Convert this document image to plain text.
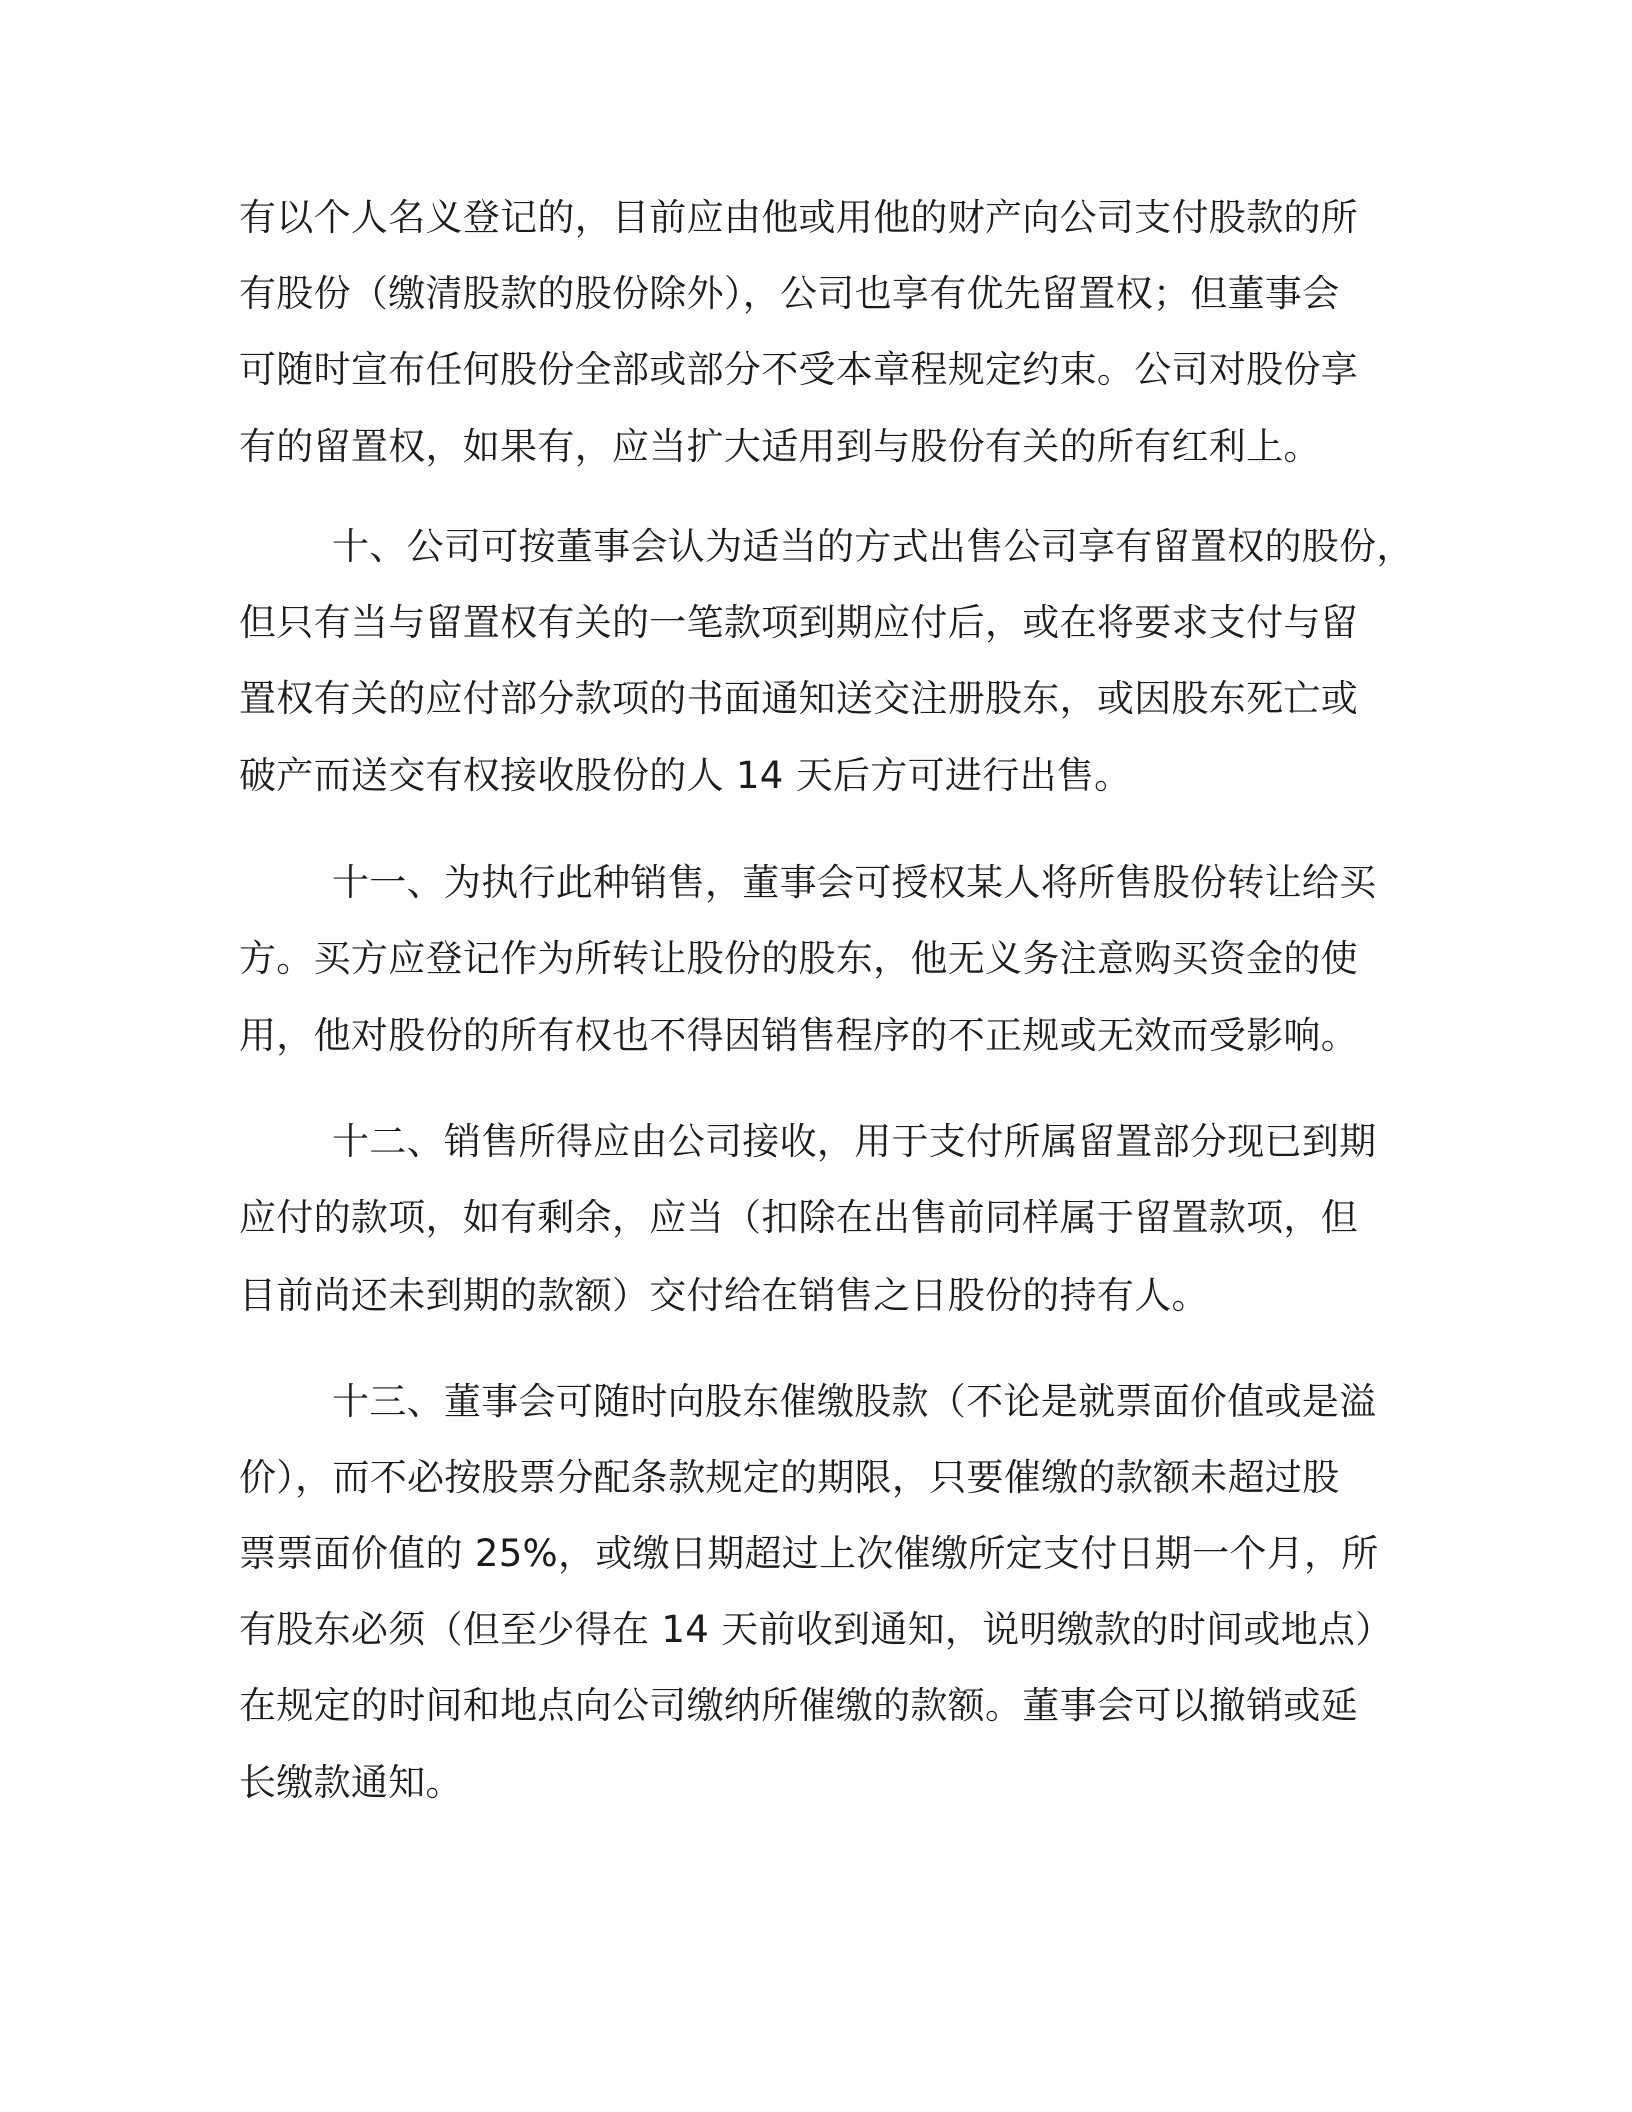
有以个人名义登记的，目前应由他或用他的财产向公司支付股款的所

有股份（缴清股款的股份除外），公司也享有优先留置权；但董事会

可随时宣布任何股份全部或部分不受本章程规定约束。公司对股份享

有的留置权，如果有，应当扩大适用到与股份有关的所有红利上。

十、公司可按董事会认为适当的方式出售公司享有留置权的股份，

但只有当与留置权有关的一笔款项到期应付后，或在将要求支付与留

置权有关的应付部分款项的书面通知送交注册股东，或因股东死亡或

破产而送交有权接收股份的人 14 天后方可进行出售。

十一、为执行此种销售，董事会可授权某人将所售股份转让给买

方。买方应登记作为所转让股份的股东，他无义务注意购买资金的使

用，他对股份的所有权也不得因销售程序的不正规或无效而受影响。

十二、销售所得应由公司接收，用于支付所属留置部分现已到期

应付的款项，如有剩余，应当（扣除在出售前同样属于留置款项，但

目前尚还未到期的款额）交付给在销售之日股份的持有人。

十三、董事会可随时向股东催缴股款（不论是就票面价值或是溢

价），而不必按股票分配条款规定的期限，只要催缴的款额未超过股

票票面价值的 25%，或缴日期超过上次催缴所定支付日期一个月，所

有股东必须（但至少得在 14 天前收到通知，说明缴款的时间或地点）

在规定的时间和地点向公司缴纳所催缴的款额。董事会可以撤销或延

长缴款通知。
